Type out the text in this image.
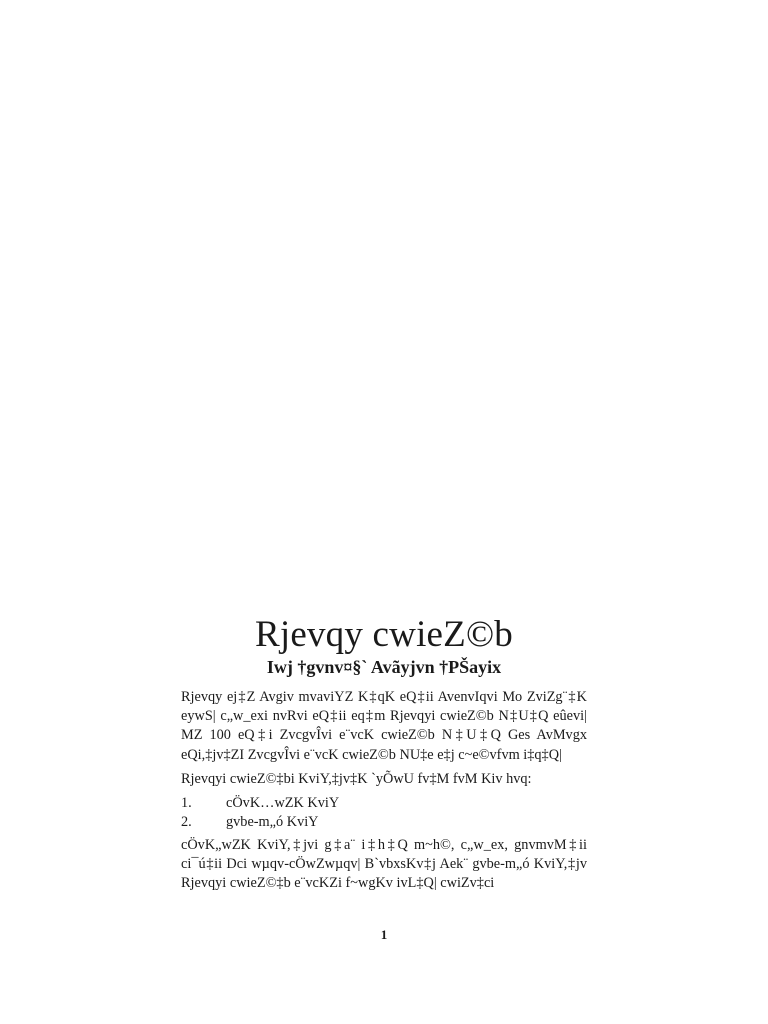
Rjevqy cwieZ©b
Iwj †gvnv¤§` Avãyjvn †PŠayix

Rjevqy ej‡Z Avgiv mvaviYZ K‡qK eQ‡ii AvenvIqvi Mo ZviZg¨‡K eywS| c„w_exi nvRvi eQ‡ii eq‡m Rjevqyi cwieZ©b N‡U‡Q eûevi| MZ 100 eQ‡i ZvcgvÎvi e¨vcK cwieZ©b N‡U‡Q Ges AvMvgx eQi,‡jv‡ZI ZvcgvÎvi e¨vcK cwieZ©b NU‡e e‡j c~e©vfvm i‡q‡Q|

Rjevqyi cwieZ©‡bi KviY,‡jv‡K `yÕwU fv‡M fvM Kiv hvq:

1.	cÖvK…wZK KviY
2.	gvbe-m„ó KviY

cÖvK„wZK KviY,‡jvi g‡a¨ i‡h‡Q m~h©, c„w_ex, gnvmvM‡ii ci¯ú‡ii Dci wµqv-cÖwZwµqv| B`vbxsKv‡j Aek¨ gvbe-m„ó KviY,‡jv Rjevqyi cwieZ©‡b e¨vcKZi f~wgKv ivL‡Q| cwiZv‡ci

1
